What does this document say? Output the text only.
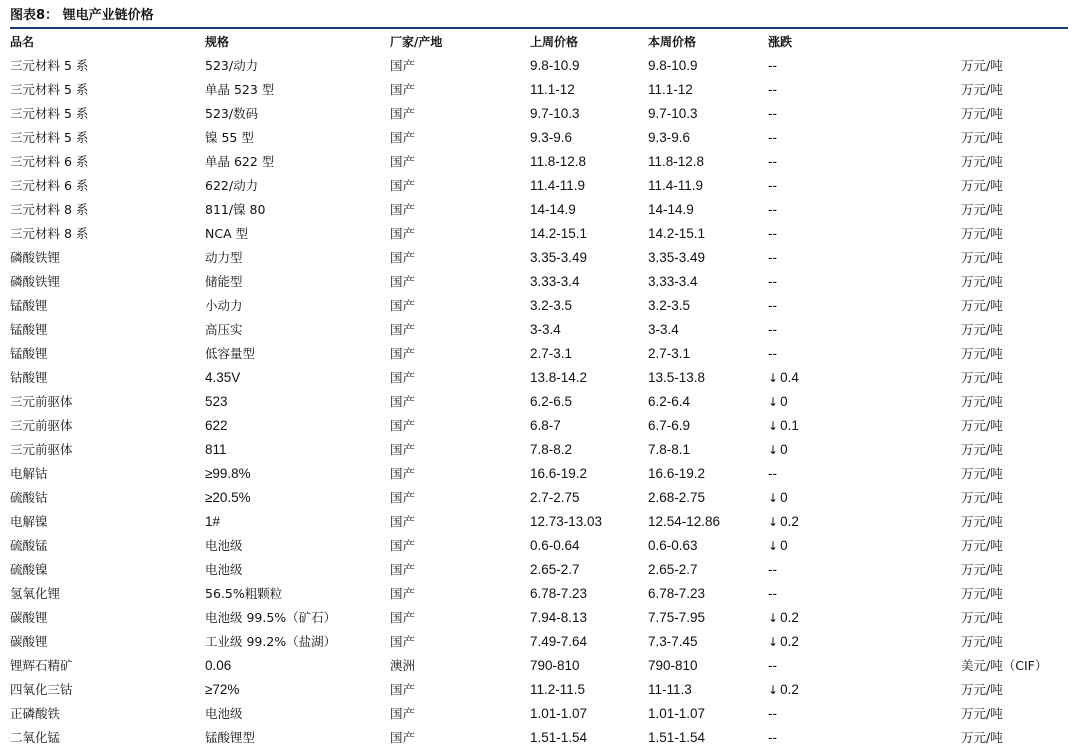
图表8： 锂电产业链价格
品名	规格	厂家/产地	上周价格	本周价格	涨跌
三元材料 5 系	523/动力	国产	9.8-10.9	9.8-10.9	--	万元/吨
三元材料 5 系	单晶 523 型	国产	11.1-12	11.1-12	--	万元/吨
三元材料 5 系	523/数码	国产	9.7-10.3	9.7-10.3	--	万元/吨
三元材料 5 系	镍 55 型	国产	9.3-9.6	9.3-9.6	--	万元/吨
三元材料 6 系	单晶 622 型	国产	11.8-12.8	11.8-12.8	--	万元/吨
三元材料 6 系	622/动力	国产	11.4-11.9	11.4-11.9	--	万元/吨
三元材料 8 系	811/镍 80	国产	14-14.9	14-14.9	--	万元/吨
三元材料 8 系	NCA 型	国产	14.2-15.1	14.2-15.1	--	万元/吨
磷酸铁锂	动力型	国产	3.35-3.49	3.35-3.49	--	万元/吨
磷酸铁锂	储能型	国产	3.33-3.4	3.33-3.4	--	万元/吨
锰酸锂	小动力	国产	3.2-3.5	3.2-3.5	--	万元/吨
锰酸锂	高压实	国产	3-3.4	3-3.4	--	万元/吨
锰酸锂	低容量型	国产	2.7-3.1	2.7-3.1	--	万元/吨
钴酸锂	4.35V	国产	13.8-14.2	13.5-13.8	↓ 0.4	万元/吨
三元前驱体	523	国产	6.2-6.5	6.2-6.4	↓ 0	万元/吨
三元前驱体	622	国产	6.8-7	6.7-6.9	↓ 0.1	万元/吨
三元前驱体	811	国产	7.8-8.2	7.8-8.1	↓ 0	万元/吨
电解钴	≥99.8%	国产	16.6-19.2	16.6-19.2	--	万元/吨
硫酸钴	≥20.5%	国产	2.7-2.75	2.68-2.75	↓ 0	万元/吨
电解镍	1#	国产	12.73-13.03	12.54-12.86	↓ 0.2	万元/吨
硫酸锰	电池级	国产	0.6-0.64	0.6-0.63	↓ 0	万元/吨
硫酸镍	电池级	国产	2.65-2.7	2.65-2.7	--	万元/吨
氢氧化锂	56.5%粗颗粒	国产	6.78-7.23	6.78-7.23	--	万元/吨
碳酸锂	电池级 99.5%（矿石）	国产	7.94-8.13	7.75-7.95	↓ 0.2	万元/吨
碳酸锂	工业级 99.2%（盐湖）	国产	7.49-7.64	7.3-7.45	↓ 0.2	万元/吨
锂辉石精矿	0.06	澳洲	790-810	790-810	--	美元/吨（CIF）
四氧化三钴	≥72%	国产	11.2-11.5	11-11.3	↓ 0.2	万元/吨
正磷酸铁	电池级	国产	1.01-1.07	1.01-1.07	--	万元/吨
二氧化锰	锰酸锂型	国产	1.51-1.54	1.51-1.54	--	万元/吨
